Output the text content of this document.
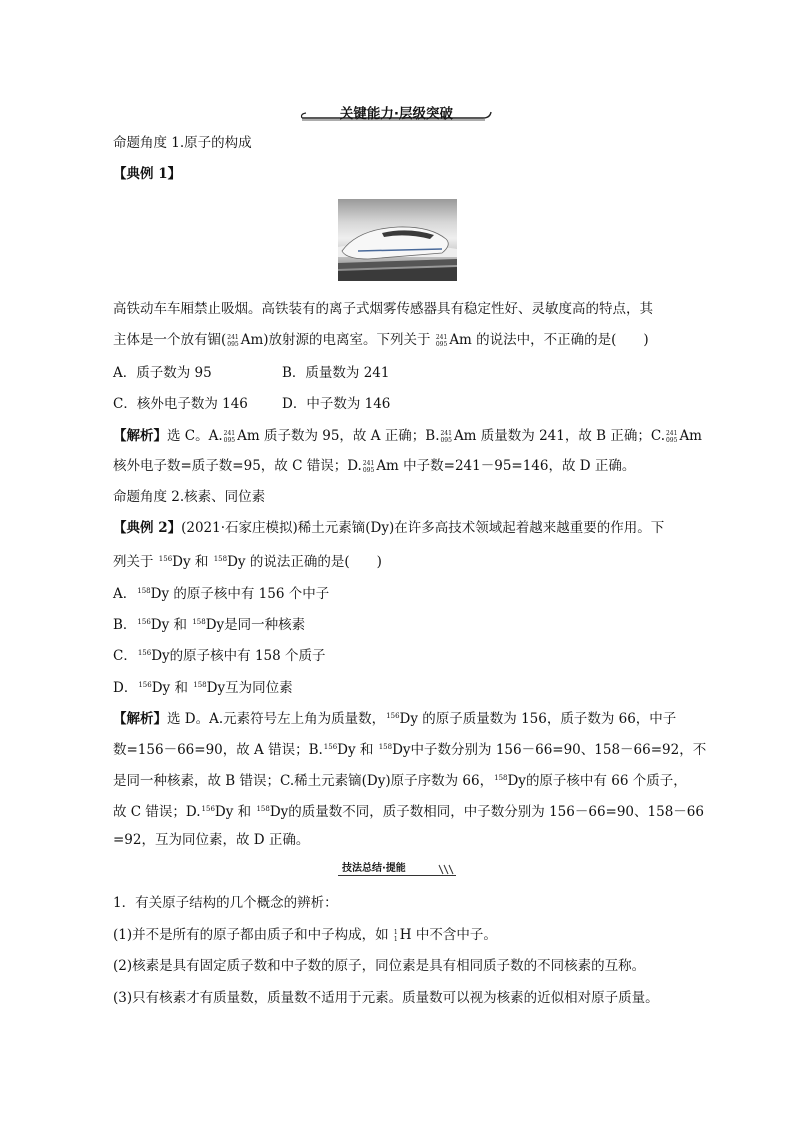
关键能力·层级突破
命题角度 1.原子的构成
【典例 1】
高铁动车车厢禁止吸烟。高铁装有的离子式烟雾传感器具有稳定性好、灵敏度高的特点，其
主体是一个放有镅( 241
095 Am)放射源的电离室。下列关于 241
095 Am 的说法中，不正确的是(　　)
A．质子数为 95	B．质量数为 241
C．核外电子数为 146	D．中子数为 146
【解析】选 C。A. 241
095 Am 质子数为 95，故 A 正确；B. 241
095 Am 质量数为 241，故 B 正确；C. 241
095 Am
核外电子数=质子数=95，故 C 错误；D. 241
095 Am 中子数=241－95=146，故 D 正确。
命题角度 2.核素、同位素
【典例 2】(2021·石家庄模拟)稀土元素镝(Dy)在许多高技术领域起着越来越重要的作用。下
列关于 $^{156}$Dy 和 $^{158}$Dy 的说法正确的是(　　)
A．$^{158}$Dy 的原子核中有 156 个中子
B．$^{156}$Dy 和 $^{158}$Dy是同一种核素
C．$^{156}$Dy的原子核中有 158 个质子
D．$^{156}$Dy 和 $^{158}$Dy互为同位素
【解析】选 D。A.元素符号左上角为质量数，$^{156}$Dy 的原子质量数为 156，质子数为 66，中子
数=156－66=90，故 A 错误；B.$^{156}$Dy 和 $^{158}$Dy中子数分别为 156－66=90、158－66=92，不
是同一种核素，故 B 错误；C.稀土元素镝(Dy)原子序数为 66，$^{158}$Dy的原子核中有 66 个质子，
故 C 错误；D.$^{156}$Dy 和 $^{158}$Dy的质量数不同，质子数相同，中子数分别为 156－66=90、158－66
=92，互为同位素，故 D 正确。
技法总结·提能
1．有关原子结构的几个概念的辨析：
(1)并不是所有的原子都由质子和中子构成，如 1
1 H 中不含中子。
(2)核素是具有固定质子数和中子数的原子，同位素是具有相同质子数的不同核素的互称。
(3)只有核素才有质量数，质量数不适用于元素。质量数可以视为核素的近似相对原子质量。
